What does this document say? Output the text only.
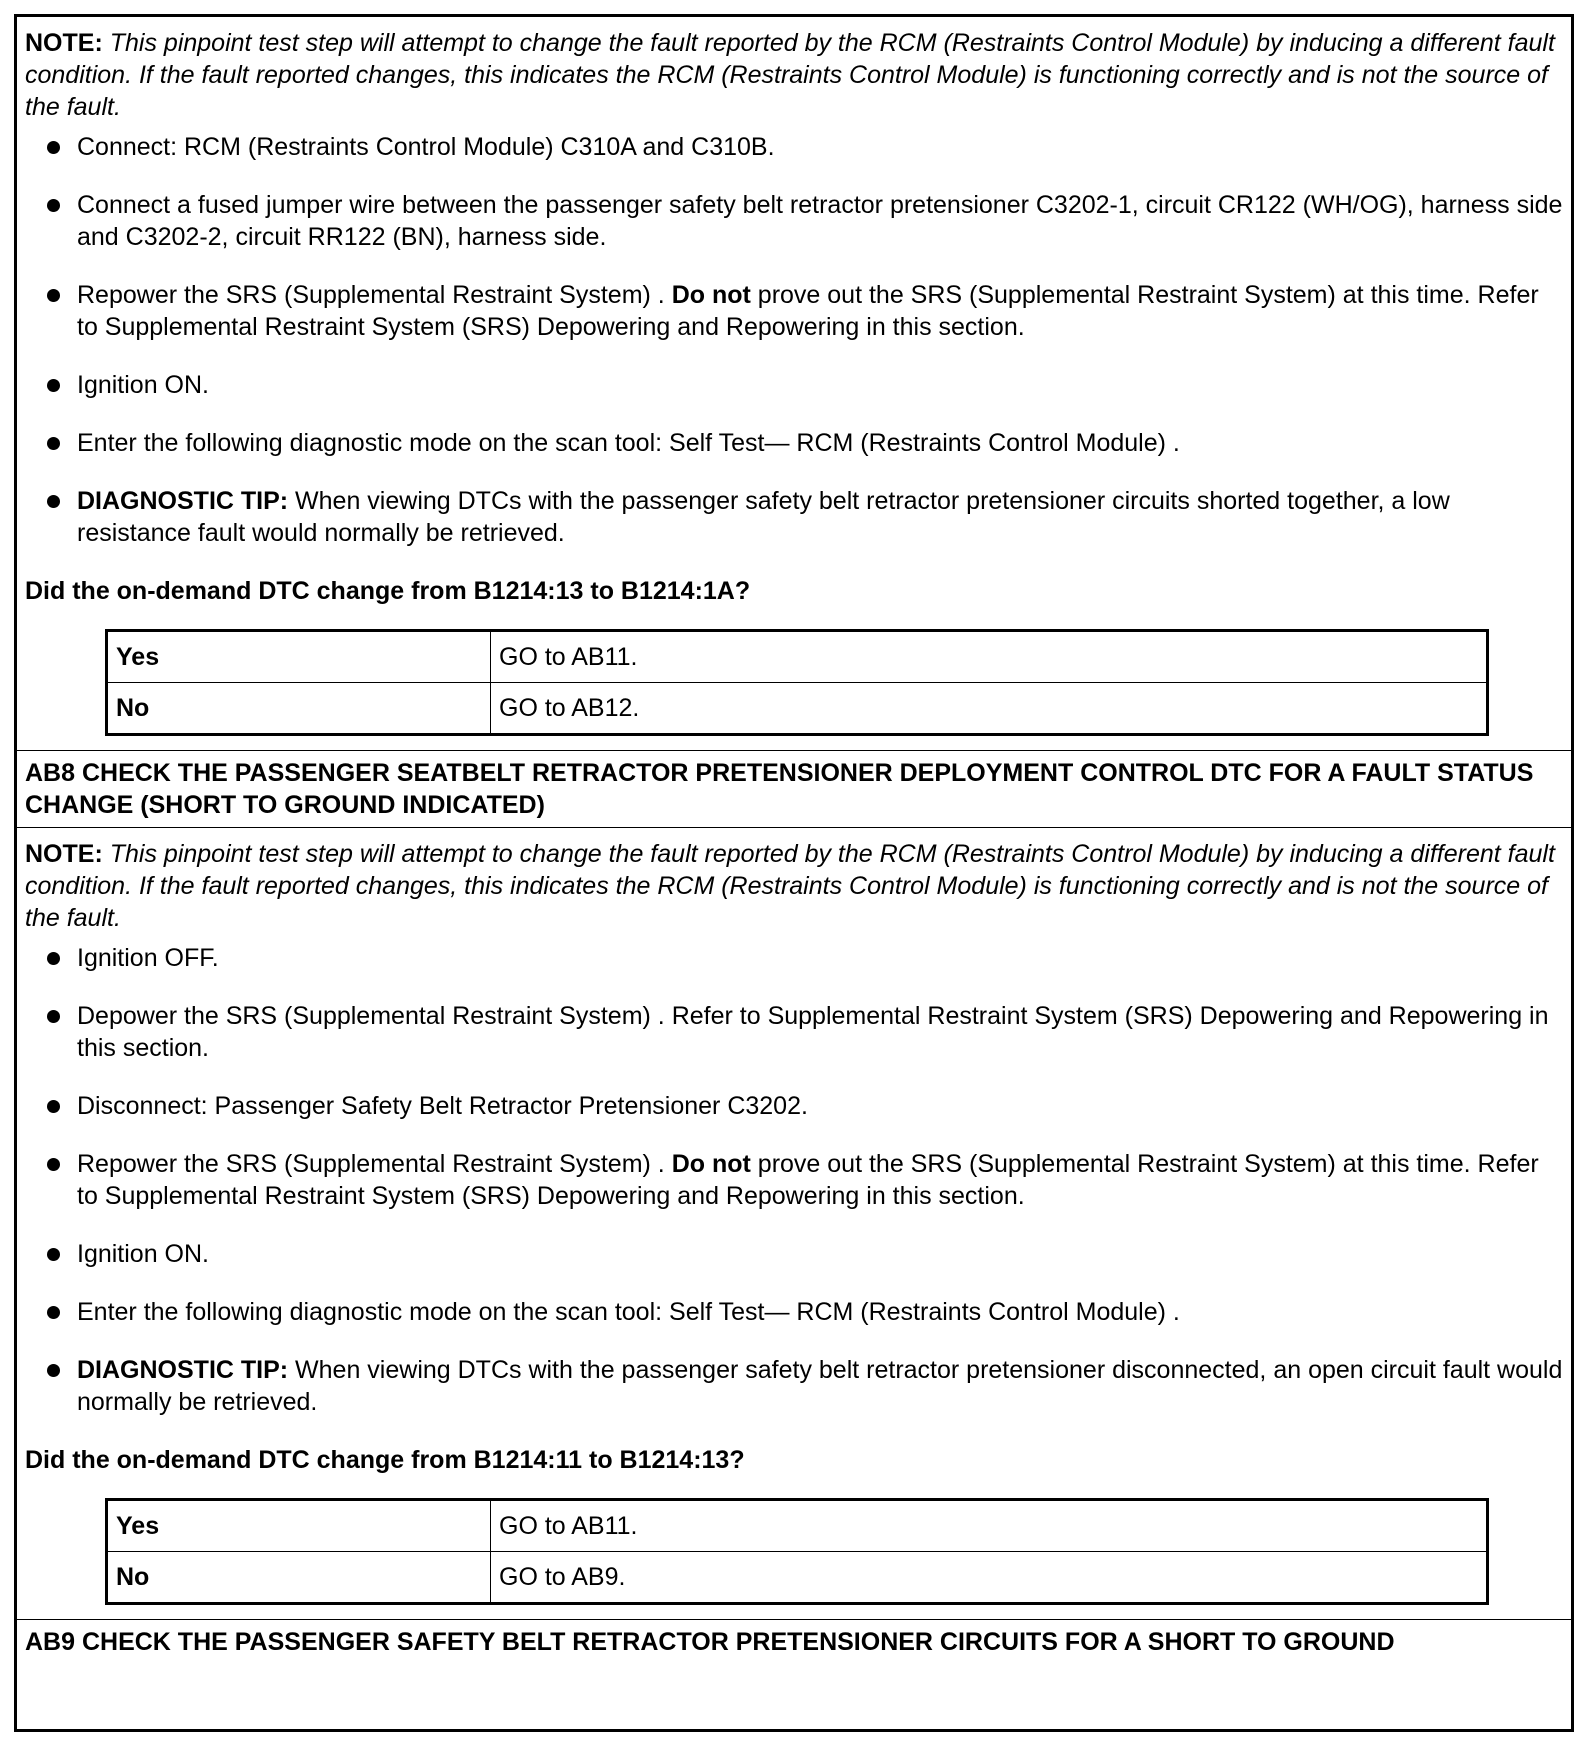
NOTE: This pinpoint test step will attempt to change the fault reported by the RCM (Restraints Control Module) by inducing a different fault condition. If the fault reported changes, this indicates the RCM (Restraints Control Module) is functioning correctly and is not the source of the fault.
Connect: RCM (Restraints Control Module) C310A and C310B.
Connect a fused jumper wire between the passenger safety belt retractor pretensioner C3202-1, circuit CR122 (WH/OG), harness side and C3202-2, circuit RR122 (BN), harness side.
Repower the SRS (Supplemental Restraint System) . Do not prove out the SRS (Supplemental Restraint System) at this time. Refer to Supplemental Restraint System (SRS) Depowering and Repowering in this section.
Ignition ON.
Enter the following diagnostic mode on the scan tool: Self Test— RCM (Restraints Control Module) .
DIAGNOSTIC TIP: When viewing DTCs with the passenger safety belt retractor pretensioner circuits shorted together, a low resistance fault would normally be retrieved.
Did the on-demand DTC change from B1214:13 to B1214:1A?
Yes	GO to AB11.
No	GO to AB12.
AB8 CHECK THE PASSENGER SEATBELT RETRACTOR PRETENSIONER DEPLOYMENT CONTROL DTC FOR A FAULT STATUS CHANGE (SHORT TO GROUND INDICATED)
NOTE: This pinpoint test step will attempt to change the fault reported by the RCM (Restraints Control Module) by inducing a different fault condition. If the fault reported changes, this indicates the RCM (Restraints Control Module) is functioning correctly and is not the source of the fault.
Ignition OFF.
Depower the SRS (Supplemental Restraint System) . Refer to Supplemental Restraint System (SRS) Depowering and Repowering in this section.
Disconnect: Passenger Safety Belt Retractor Pretensioner C3202.
Repower the SRS (Supplemental Restraint System) . Do not prove out the SRS (Supplemental Restraint System) at this time. Refer to Supplemental Restraint System (SRS) Depowering and Repowering in this section.
Ignition ON.
Enter the following diagnostic mode on the scan tool: Self Test— RCM (Restraints Control Module) .
DIAGNOSTIC TIP: When viewing DTCs with the passenger safety belt retractor pretensioner disconnected, an open circuit fault would normally be retrieved.
Did the on-demand DTC change from B1214:11 to B1214:13?
Yes	GO to AB11.
No	GO to AB9.
AB9 CHECK THE PASSENGER SAFETY BELT RETRACTOR PRETENSIONER CIRCUITS FOR A SHORT TO GROUND
